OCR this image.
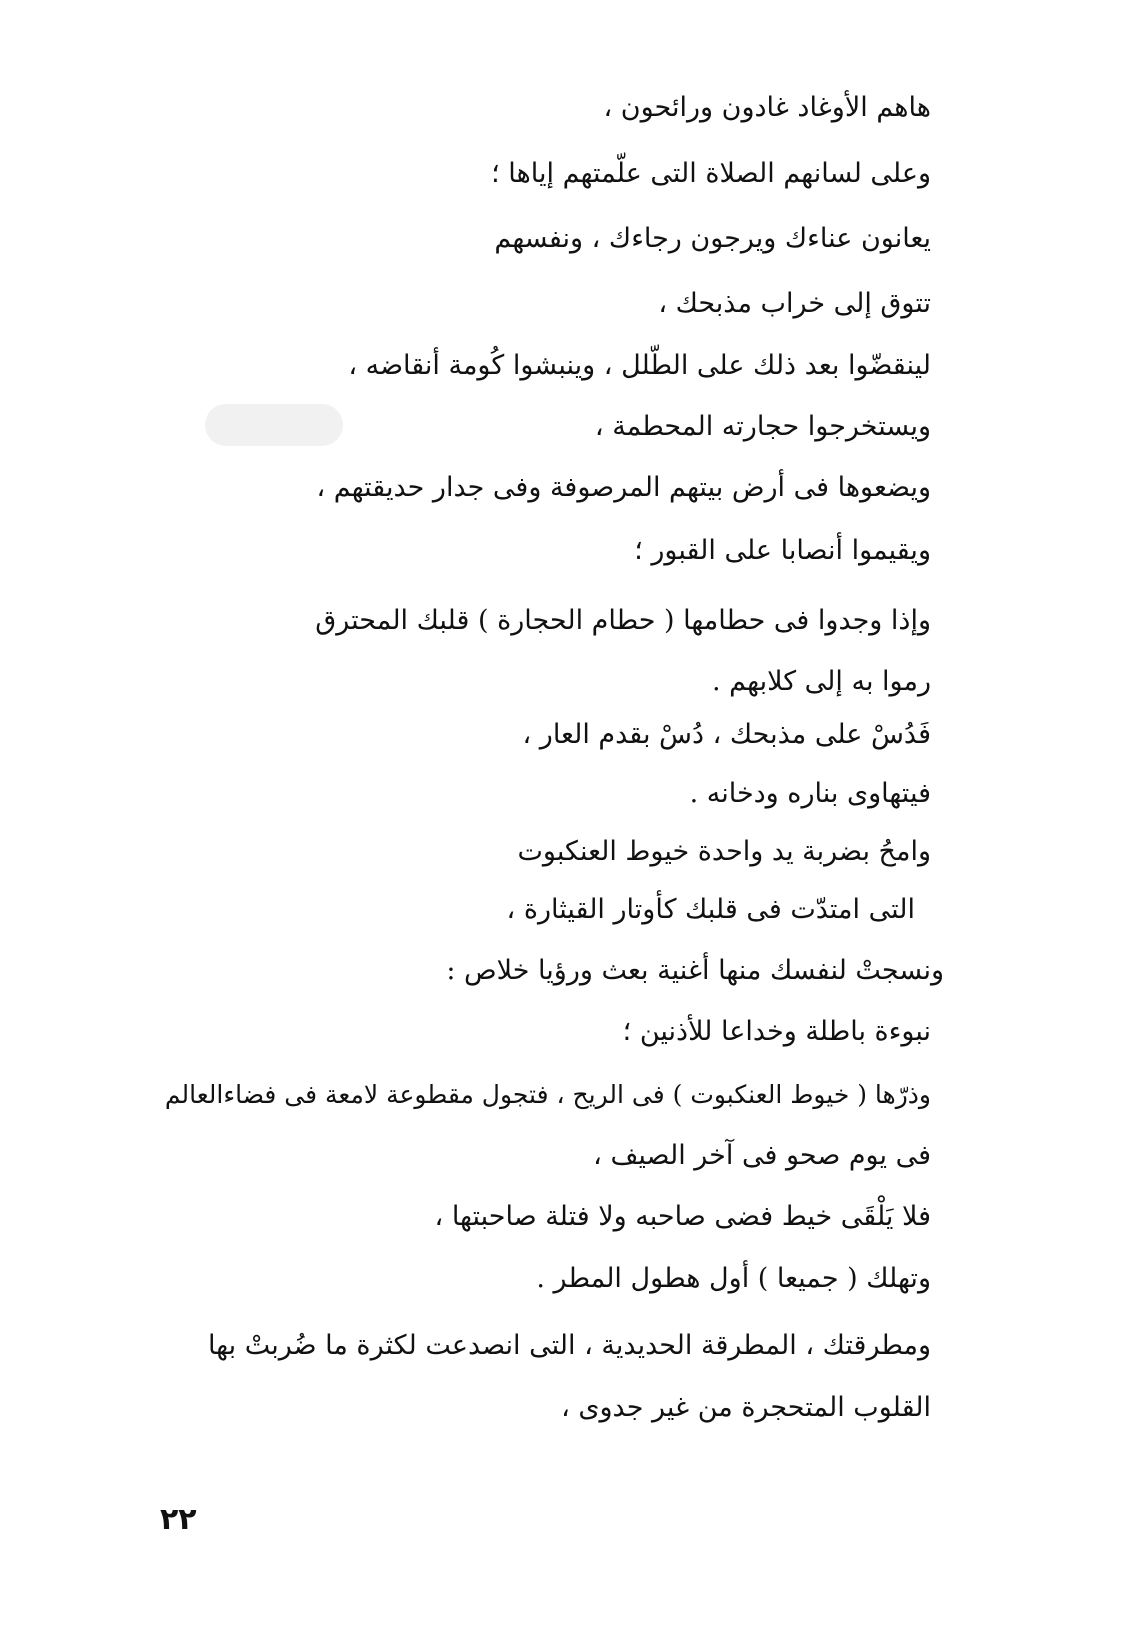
هاهم الأوغاد غادون ورائحون ،
وعلى لسانهم الصلاة التى علّمتهم إياها ؛
يعانون عناءك ويرجون رجاءك ، ونفسهم
تتوق إلى خراب مذبحك ،
لينقضّوا بعد ذلك على الطّلل ، وينبشوا كُومة أنقاضه ،
ويستخرجوا حجارته المحطمة ،
ويضعوها فى أرض بيتهم المرصوفة وفى جدار حديقتهم ،
ويقيموا أنصابا على القبور ؛
وإذا وجدوا فى حطامها ( حطام الحجارة ) قلبك المحترق
رموا به إلى كلابهم .
فَدُسْ على مذبحك ، دُسْ بقدم العار ،
فيتهاوى بناره ودخانه .
وامحُ بضربة يد واحدة خيوط العنكبوت
التى امتدّت فى قلبك كأوتار القيثارة ،
ونسجتْ لنفسك منها أغنية بعث ورؤيا خلاص :
نبوءة باطلة وخداعا للأذنين ؛
وذرّها ( خيوط العنكبوت ) فى الريح ، فتجول مقطوعة لامعة فى فضاءالعالم
فى يوم صحو فى آخر الصيف ،
فلا يَلْقَى خيط فضى صاحبه ولا فتلة صاحبتها ،
وتهلك ( جميعا ) أول هطول المطر .
ومطرقتك ، المطرقة الحديدية ، التى انصدعت لكثرة ما ضُربتْ بها
القلوب المتحجرة من غير جدوى ،
٢٢
